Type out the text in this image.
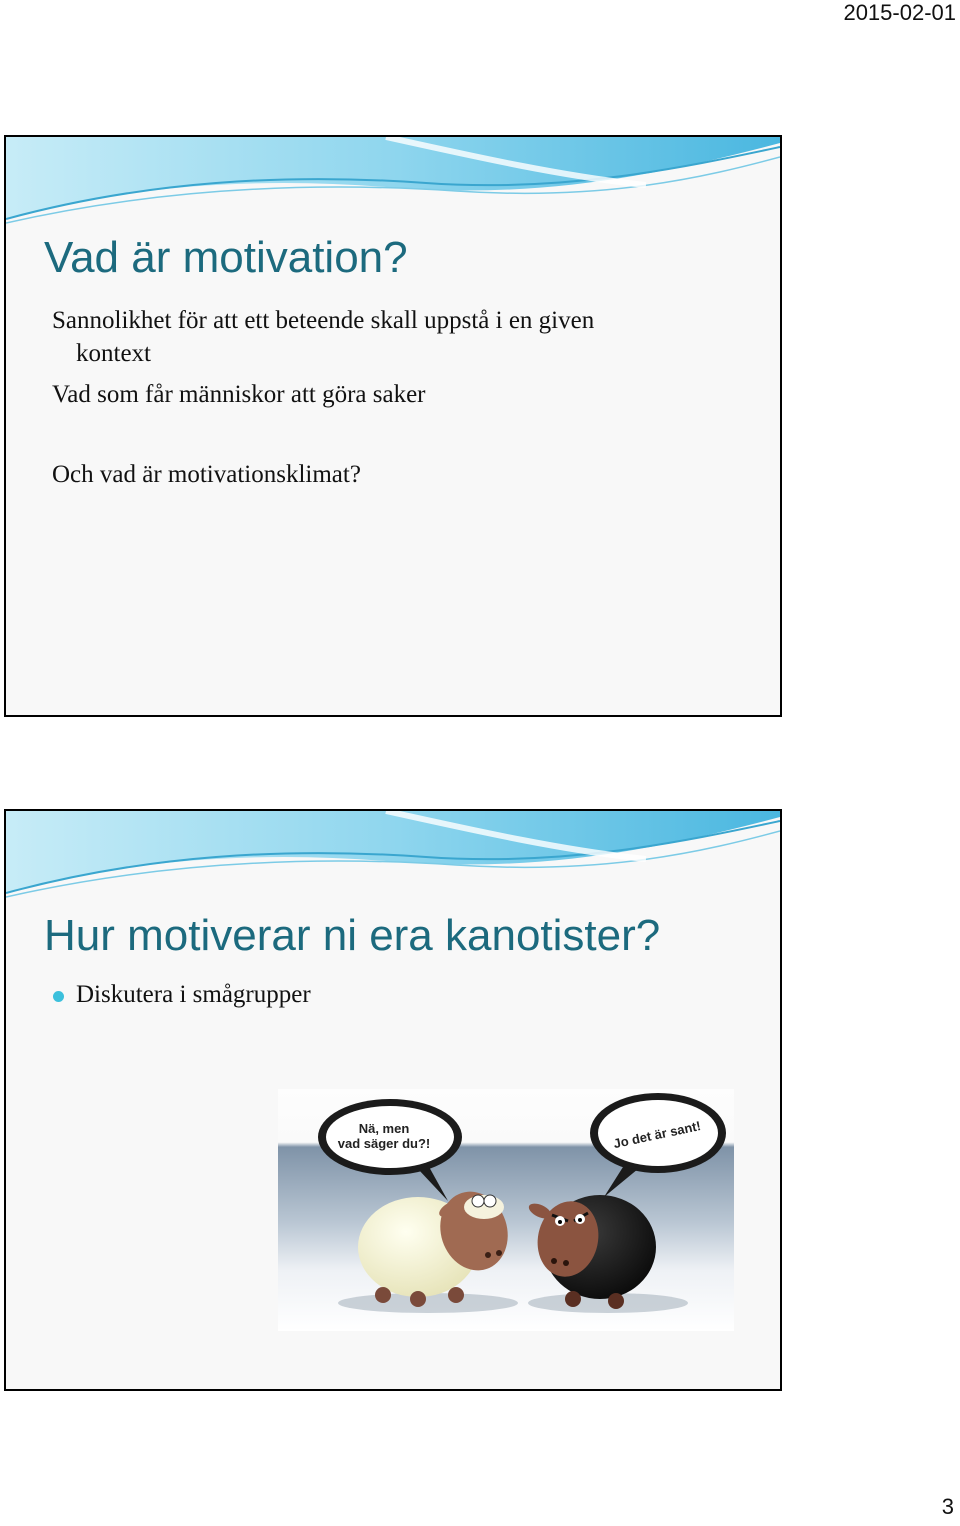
2015-02-01
Vad är motivation?
Sannolikhet för att ett beteende skall uppstå i en given
kontext
Vad som får människor att göra saker
Och vad är motivationsklimat?
Hur motiverar ni era kanotister?
Diskutera i smågrupper
Nä, men
vad säger du?!	Jo det är sant!
3
